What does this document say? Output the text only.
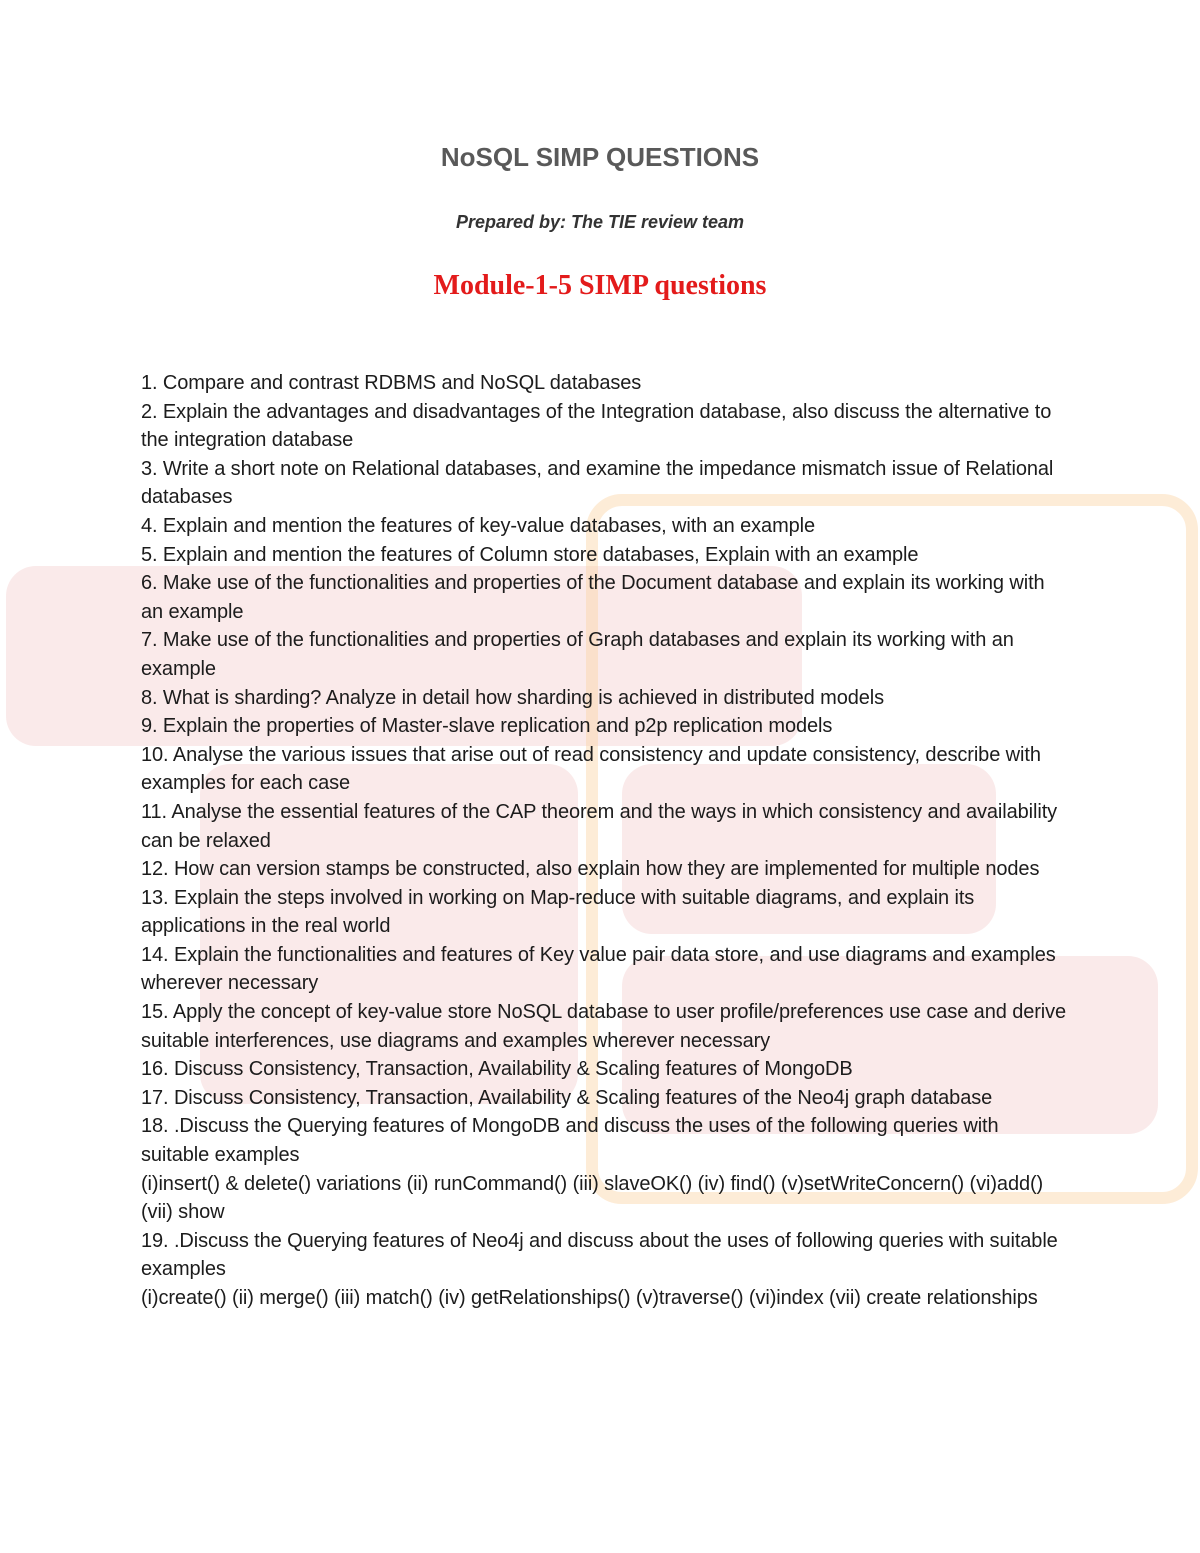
NoSQL SIMP QUESTIONS

Prepared by: The TIE review team

Module-1-5 SIMP questions
1. Compare and contrast RDBMS and NoSQL databases
2. Explain the advantages and disadvantages of the Integration database, also discuss the alternative to the integration database
3. Write a short note on Relational databases, and examine the impedance mismatch issue of Relational databases
4. Explain and mention the features of key-value databases, with an example
5. Explain and mention the features of Column store databases, Explain with an example
6. Make use of the functionalities and properties of the Document database and explain its working with an example
7. Make use of the functionalities and properties of Graph databases and explain its working with an example
8. What is sharding? Analyze in detail how sharding is achieved in distributed models
9. Explain the properties of Master-slave replication and p2p replication models
10. Analyse the various issues that arise out of read consistency and update consistency, describe with examples for each case
11. Analyse the essential features of the CAP theorem and the ways in which consistency and availability can be relaxed
12. How can version stamps be constructed, also explain how they are implemented for multiple nodes
13. Explain the steps involved in working on Map-reduce with suitable diagrams, and explain its applications in the real world
14. Explain the functionalities and features of Key value pair data store, and use diagrams and examples wherever necessary
15. Apply the concept of key-value store NoSQL database to user profile/preferences use case and derive suitable interferences, use diagrams and examples wherever necessary
16. Discuss Consistency, Transaction, Availability & Scaling features of MongoDB
17. Discuss Consistency, Transaction, Availability & Scaling features of the Neo4j graph database
18. .Discuss the Querying features of MongoDB and discuss the uses of the following queries with suitable examples
(i)insert() & delete() variations (ii) runCommand() (iii) slaveOK() (iv) find() (v)setWriteConcern() (vi)add() (vii) show
19. .Discuss the Querying features of Neo4j and discuss about the uses of following queries with suitable examples
(i)create() (ii) merge() (iii) match() (iv) getRelationships() (v)traverse() (vi)index (vii) create relationships
